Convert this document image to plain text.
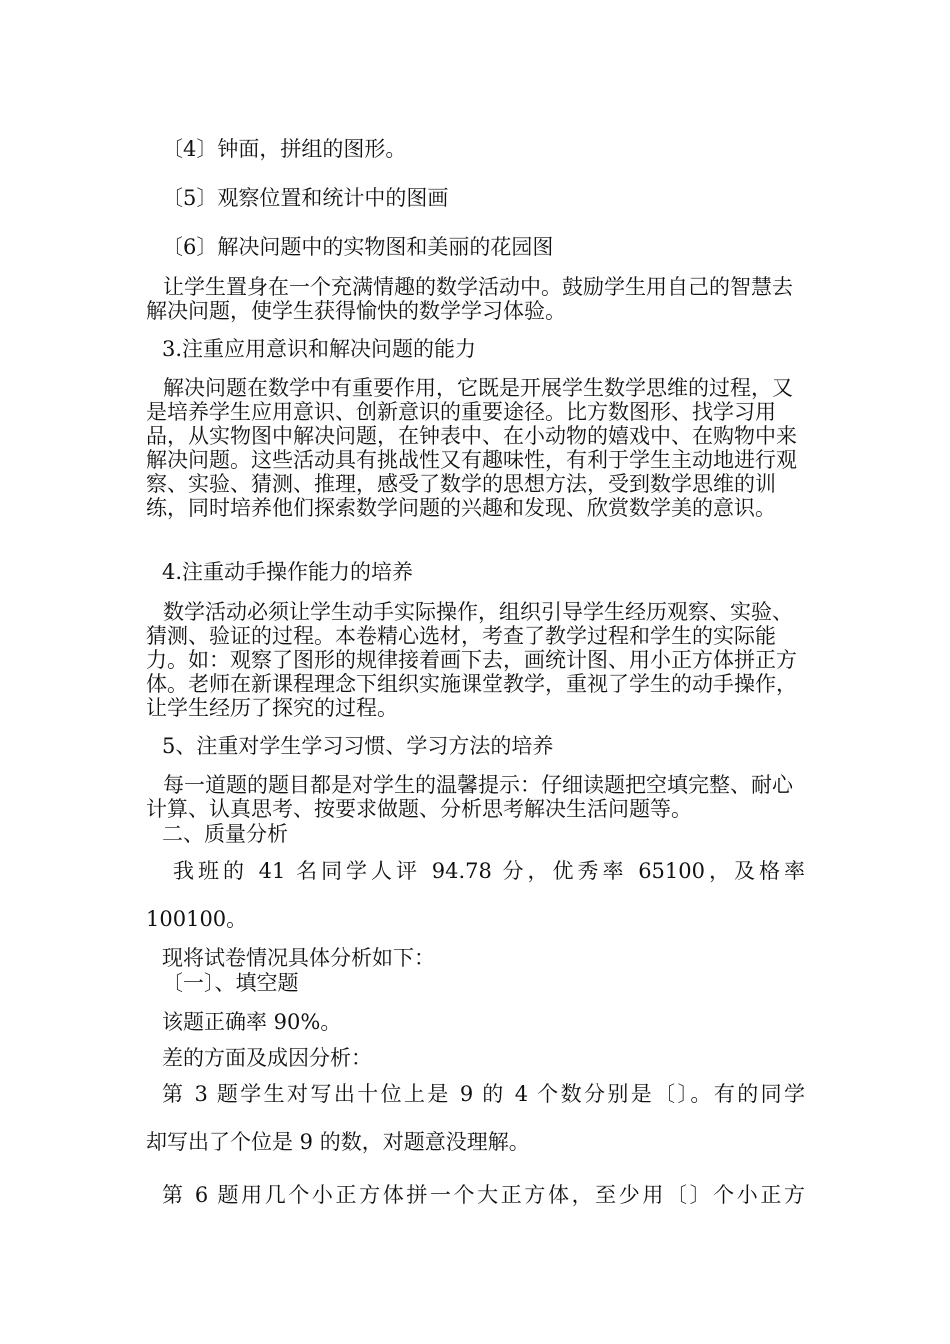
〔4〕钟面，拼组的图形。
〔5〕观察位置和统计中的图画
〔6〕解决问题中的实物图和美丽的花园图
让学生置身在一个充满情趣的数学活动中。鼓励学生用自己的智慧去解决问题，使学生获得愉快的数学学习体验。
3.注重应用意识和解决问题的能力
解决问题在数学中有重要作用，它既是开展学生数学思维的过程，又是培养学生应用意识、创新意识的重要途径。比方数图形、找学习用品，从实物图中解决问题，在钟表中、在小动物的嬉戏中、在购物中来解决问题。这些活动具有挑战性又有趣味性，有利于学生主动地进行观察、实验、猜测、推理，感受了数学的思想方法，受到数学思维的训练，同时培养他们探索数学问题的兴趣和发现、欣赏数学美的意识。
4.注重动手操作能力的培养
数学活动必须让学生动手实际操作，组织引导学生经历观察、实验、猜测、验证的过程。本卷精心选材，考查了教学过程和学生的实际能力。如：观察了图形的规律接着画下去，画统计图、用小正方体拼正方体。老师在新课程理念下组织实施课堂教学，重视了学生的动手操作，让学生经历了探究的过程。
5、注重对学生学习习惯、学习方法的培养
每一道题的题目都是对学生的温馨提示：仔细读题把空填完整、耐心计算、认真思考、按要求做题、分析思考解决生活问题等。
二、质量分析
我班的 41 名同学人评 94.78 分，优秀率 65100，及格率
100100。
现将试卷情况具体分析如下：
〔一〕、填空题
该题正确率 90%。
差的方面及成因分析：
第 3 题学生对写出十位上是 9 的 4 个数分别是〔〕。有的同学
却写出了个位是 9 的数，对题意没理解。
第 6 题用几个小正方体拼一个大正方体，至少用〔〕个小正方
